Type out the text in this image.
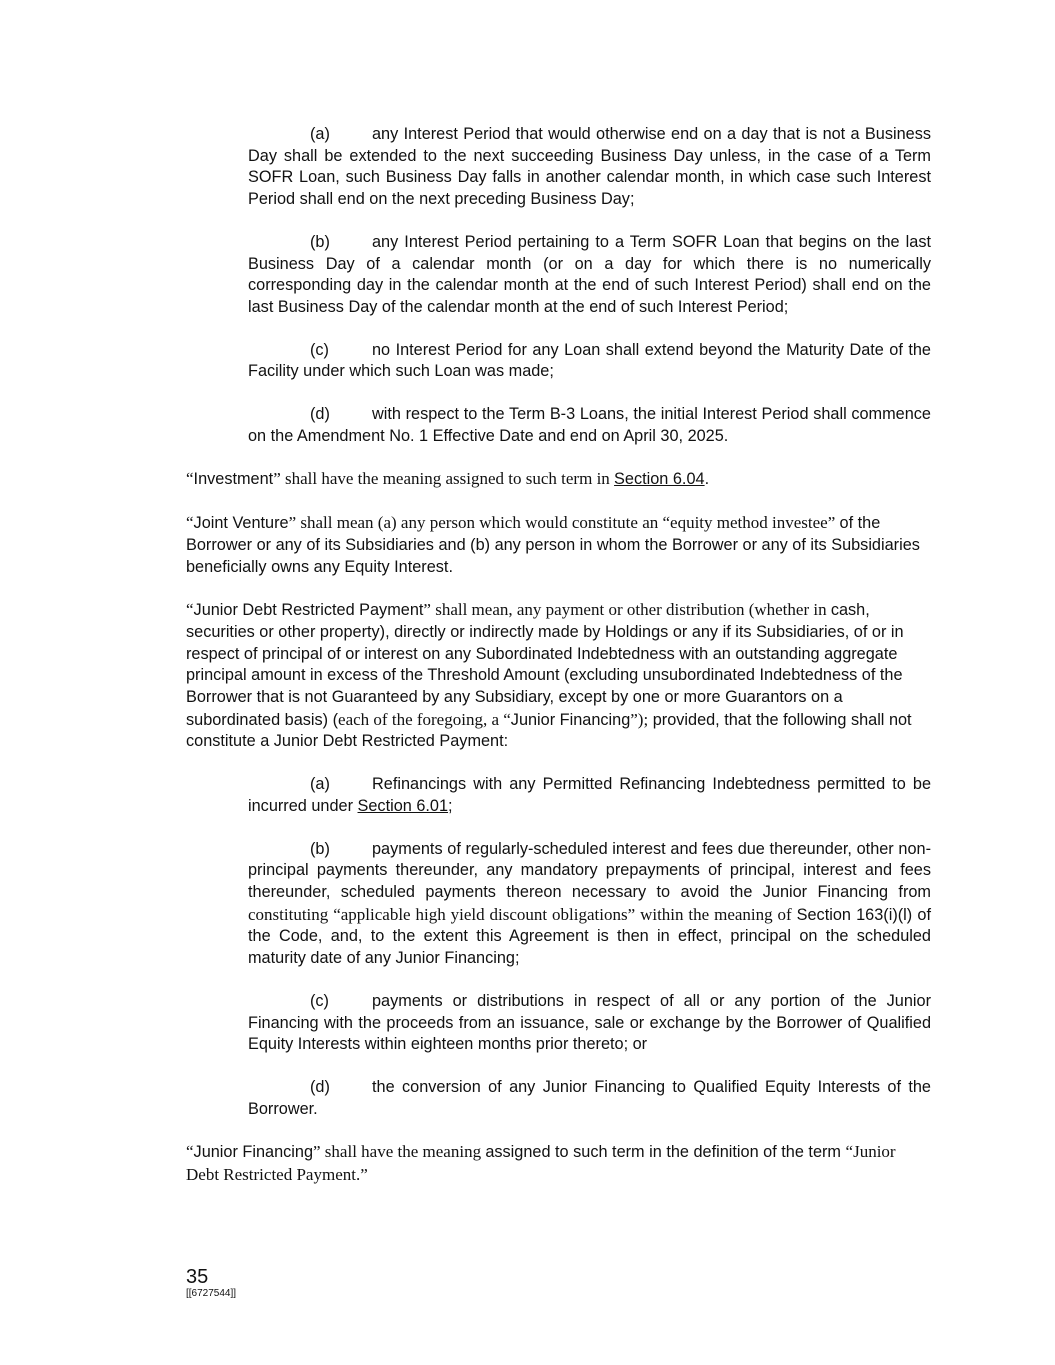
(a)	any Interest Period that would otherwise end on a day that is not a Business Day shall be extended to the next succeeding Business Day unless, in the case of a Term SOFR Loan, such Business Day falls in another calendar month, in which case such Interest Period shall end on the next preceding Business Day;

(b)	any Interest Period pertaining to a Term SOFR Loan that begins on the last Business Day of a calendar month (or on a day for which there is no numerically corresponding day in the calendar month at the end of such Interest Period) shall end on the last Business Day of the calendar month at the end of such Interest Period;

(c)	no Interest Period for any Loan shall extend beyond the Maturity Date of the Facility under which such Loan was made;

(d)	with respect to the Term B-3 Loans, the initial Interest Period shall commence on the Amendment No. 1 Effective Date and end on April 30, 2025.

“Investment” shall have the meaning assigned to such term in Section 6.04.

“Joint Venture” shall mean (a) any person which would constitute an “equity method investee” of the Borrower or any of its Subsidiaries and (b) any person in whom the Borrower or any of its Subsidiaries beneficially owns any Equity Interest.

“Junior Debt Restricted Payment” shall mean, any payment or other distribution (whether in cash, securities or other property), directly or indirectly made by Holdings or any if its Subsidiaries, of or in respect of principal of or interest on any Subordinated Indebtedness with an outstanding aggregate principal amount in excess of the Threshold Amount (excluding unsubordinated Indebtedness of the Borrower that is not Guaranteed by any Subsidiary, except by one or more Guarantors on a subordinated basis) (each of the foregoing, a “Junior Financing”); provided, that the following shall not constitute a Junior Debt Restricted Payment:

(a)	Refinancings with any Permitted Refinancing Indebtedness permitted to be incurred under Section 6.01;

(b)	payments of regularly-scheduled interest and fees due thereunder, other non-principal payments thereunder, any mandatory prepayments of principal, interest and fees thereunder, scheduled payments thereon necessary to avoid the Junior Financing from constituting “applicable high yield discount obligations” within the meaning of Section 163(i)(l) of the Code, and, to the extent this Agreement is then in effect, principal on the scheduled maturity date of any Junior Financing;

(c)	payments or distributions in respect of all or any portion of the Junior Financing with the proceeds from an issuance, sale or exchange by the Borrower of Qualified Equity Interests within eighteen months prior thereto; or

(d)	the conversion of any Junior Financing to Qualified Equity Interests of the Borrower.

“Junior Financing” shall have the meaning assigned to such term in the definition of the term “Junior Debt Restricted Payment.”

35
[[6727544]]
